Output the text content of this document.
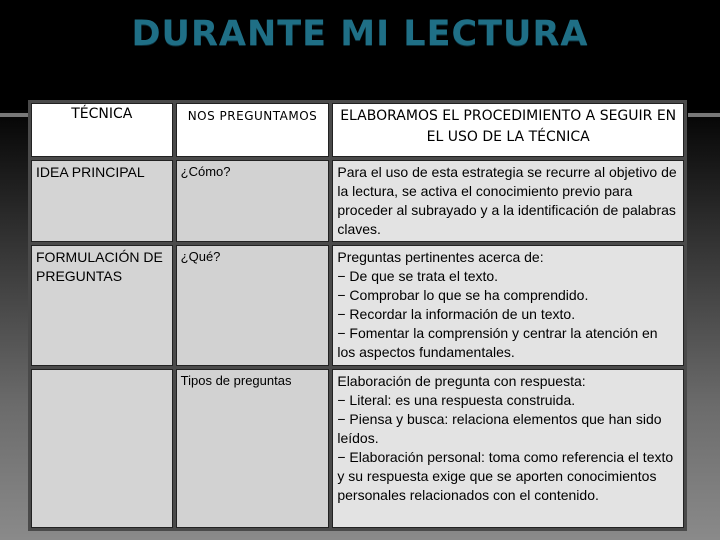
DURANTE MI LECTURA
TÉCNICA	NOS PREGUNTAMOS	ELABORAMOS EL PROCEDIMIENTO A SEGUIR EN EL USO DE LA TÉCNICA
IDEA PRINCIPAL	¿Cómo?	Para el uso de esta estrategia se recurre al objetivo de la lectura, se activa el conocimiento previo para proceder al subrayado y a la identificación de palabras claves.

FORMULACIÓN DE PREGUNTAS	¿Qué?	Preguntas pertinentes acerca de:
− De que se trata el texto.
− Comprobar lo que se ha comprendido.
− Recordar la información de un texto.
− Fomentar la comprensión y centrar la atención en los aspectos fundamentales.

	Tipos de preguntas	Elaboración de pregunta con respuesta:
− Literal: es una respuesta construida.
− Piensa y busca: relaciona elementos que han sido leídos.
− Elaboración personal: toma como referencia el texto y su respuesta exige que se aporten conocimientos personales relacionados con el contenido.
